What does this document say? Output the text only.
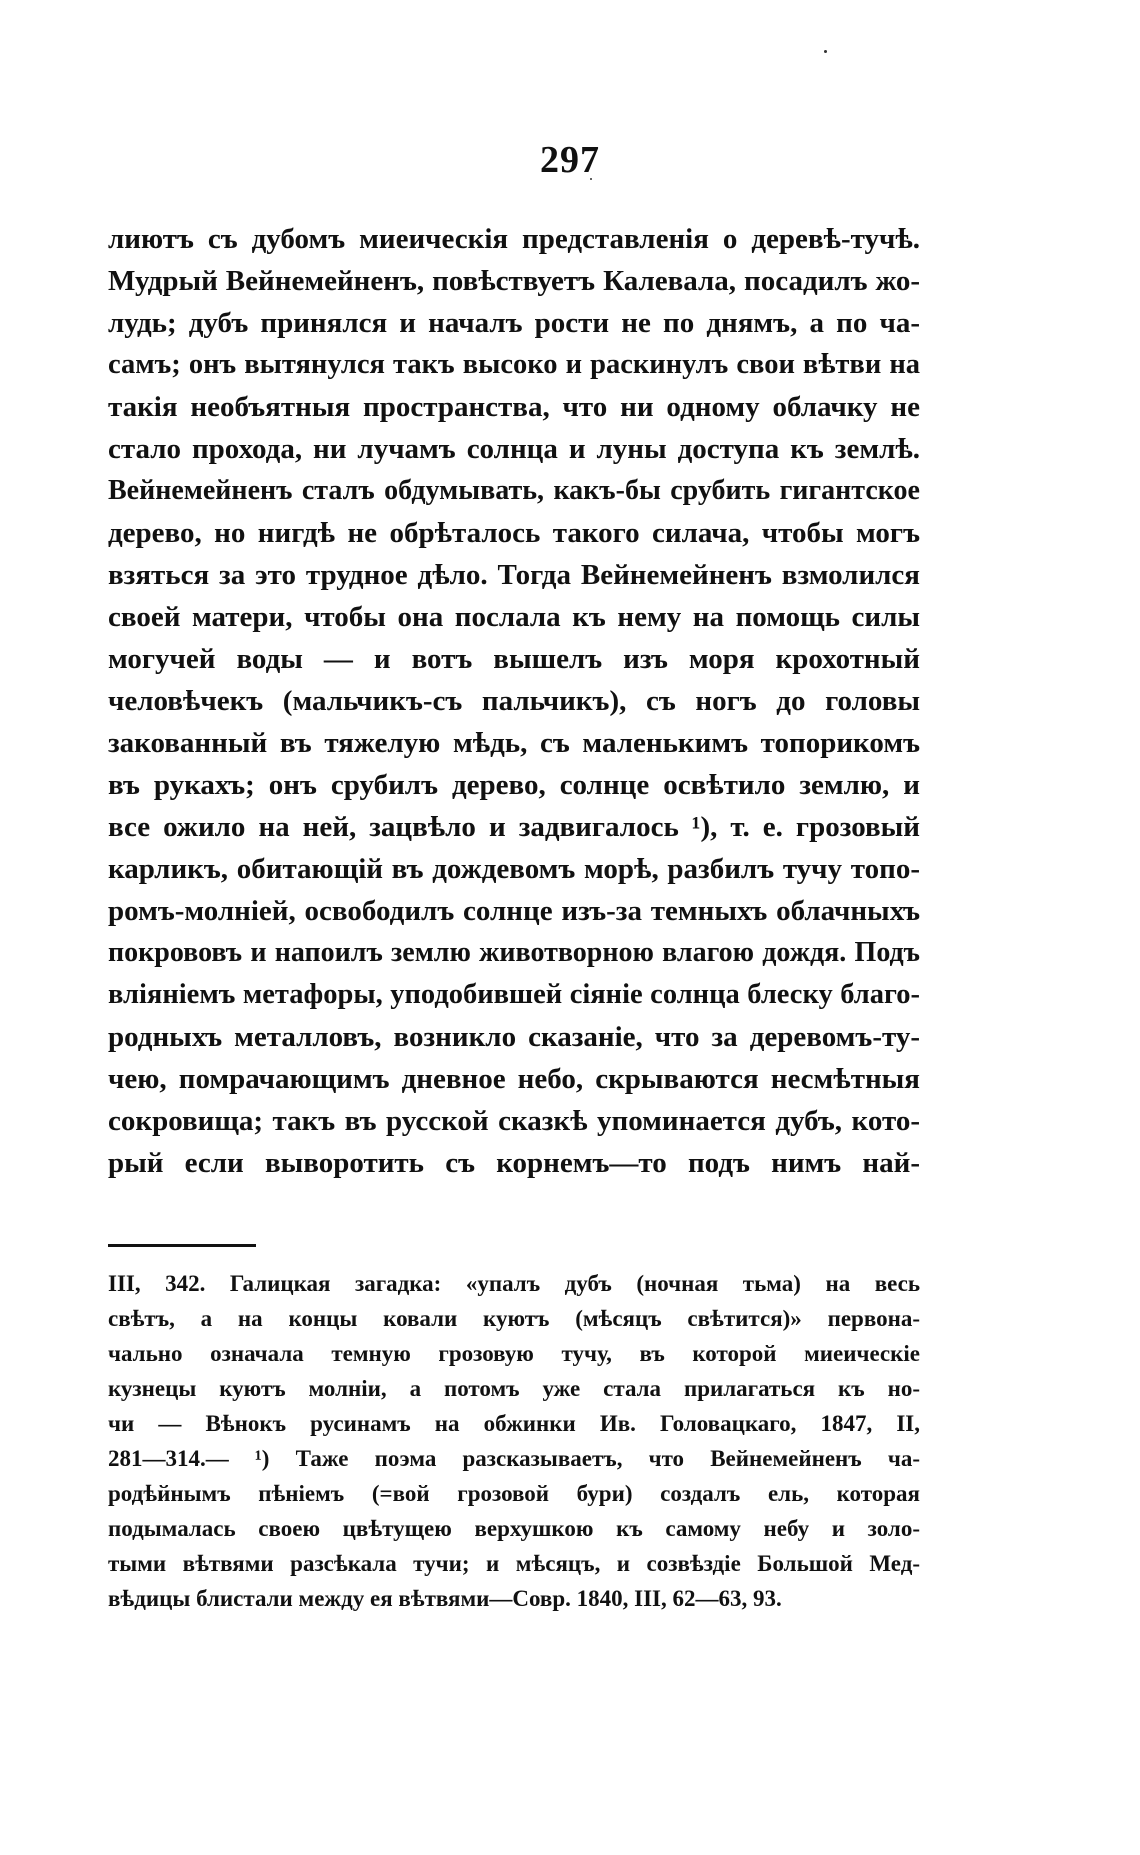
297
лиютъ съ дубомъ миеическія представленія о деревѣ-тучѣ.
Мудрый Вейнемейненъ, повѣствуетъ Калевала, посадилъ жо-
лудь; дубъ принялся и началъ рости не по днямъ, а по ча-
самъ; онъ вытянулся такъ высоко и раскинулъ свои вѣтви на
такія необъятныя пространства, что ни одному облачку не
стало прохода, ни лучамъ солнца и луны доступа къ землѣ.
Вейнемейненъ сталъ обдумывать, какъ-бы срубить гигантское
дерево, но нигдѣ не обрѣталось такого силача, чтобы могъ
взяться за это трудное дѣло. Тогда Вейнемейненъ взмолился
своей матери, чтобы она послала къ нему на помощь силы
могучей воды — и вотъ вышелъ изъ моря крохотный
человѣчекъ (мальчикъ-съ пальчикъ), съ ногъ до головы
закованный въ тяжелую мѣдь, съ маленькимъ топорикомъ
въ рукахъ; онъ срубилъ дерево, солнце освѣтило землю, и
все ожило на ней, зацвѣло и задвигалось ¹), т. е. грозовый
карликъ, обитающій въ дождевомъ морѣ, разбилъ тучу топо-
ромъ-молніей, освободилъ солнце изъ-за темныхъ облачныхъ
покрововъ и напоилъ землю животворною влагою дождя. Подъ
вліяніемъ метафоры, уподобившей сіяніе солнца блеску благо-
родныхъ металловъ, возникло сказаніе, что за деревомъ-ту-
чею, помрачающимъ дневное небо, скрываются несмѣтныя
сокровища; такъ въ русской сказкѣ упоминается дубъ, кото-
рый если выворотить съ корнемъ—то подъ нимъ най-
III, 342. Галицкая загадка: «упалъ дубъ (ночная тьма) на весь
свѣтъ, а на концы ковали куютъ (мѣсяцъ свѣтится)» первона-
чально означала темную грозовую тучу, въ которой миеическіе
кузнецы куютъ молніи, а потомъ уже стала прилагаться къ но-
чи — Вѣнокъ русинамъ на обжинки Ив. Головацкаго, 1847, II,
281—314.— ¹) Таже поэма разсказываетъ, что Вейнемейненъ ча-
родѣйнымъ пѣніемъ (=вой грозовой бури) создалъ ель, которая
подымалась своею цвѣтущею верхушкою къ самому небу и золо-
тыми вѣтвями разсѣкала тучи; и мѣсяцъ, и созвѣздіе Большой Мед-
вѣдицы блистали между ея вѣтвями—Совр. 1840, III, 62—63, 93.
